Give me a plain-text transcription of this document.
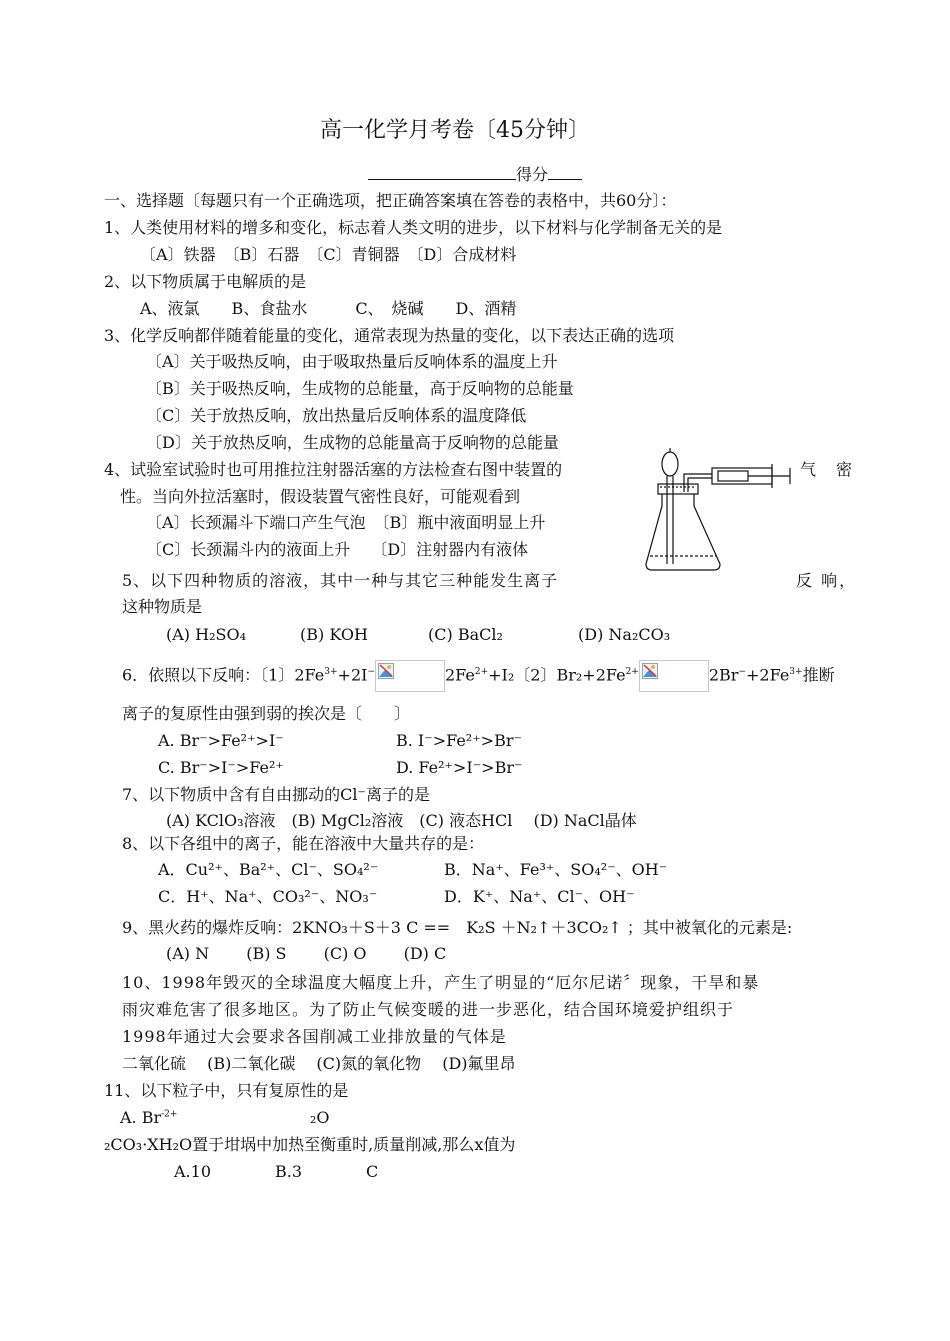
高一化学月考卷〔45分钟〕
得分
一、选择题〔每题只有一个正确选项，把正确答案填在答卷的表格中，共60分〕：
1、人类使用材料的增多和变化，标志着人类文明的进步，以下材料与化学制备无关的是
〔A〕铁器　〔B〕石器　〔C〕青铜器　〔D〕合成材料
2、以下物质属于电解质的是
A、液氯　　B、食盐水　　　C、　烧碱　　D、酒精
3、化学反响都伴随着能量的变化，通常表现为热量的变化，以下表达正确的选项
〔A〕关于吸热反响，由于吸取热量后反响体系的温度上升
〔B〕关于吸热反响，生成物的总能量，高于反响物的总能量
〔C〕关于放热反响，放出热量后反响体系的温度降低
〔D〕关于放热反响，生成物的总能量高于反响物的总能量
4、试验室试验时也可用推拉注射器活塞的方法检查右图中装置的	气　密
性。当向外拉活塞时，假设装置气密性良好，可能观看到
〔A〕长颈漏斗下端口产生气泡　〔B〕瓶中液面明显上升
〔C〕长颈漏斗内的液面上升　 〔D〕注射器内有液体
5、以下四种物质的溶液，其中一种与其它三种能发生离子	反 响，
这种物质是
(A) H₂SO₄	(B) KOH	(C) BaCl₂	(D) Na₂CO₃
6．依照以下反响：〔1〕$2Fe^{3+}+2I^-$	$2Fe^{2+}+I_2$〔2〕$Br_2+2Fe^{2+}$	$2Br^-+2Fe^{3+}$推断
离子的复原性由强到弱的挨次是〔　　〕
A. Br⁻>Fe²⁺>I⁻	B. I⁻>Fe²⁺>Br⁻
C. Br⁻>I⁻>Fe²⁺	D. Fe²⁺>I⁻>Br⁻
7、以下物质中含有自由挪动的Cl⁻离子的是
(A) KClO₃溶液　(B) MgCl₂溶液　(C) 液态HCl　 (D) NaCl晶体
8、以下各组中的离子，能在溶液中大量共存的是：
A．Cu²⁺、Ba²⁺、Cl⁻、SO₄²⁻	B．Na⁺、Fe³⁺、SO₄²⁻、OH⁻
C．H⁺、Na⁺、CO₃²⁻、NO₃⁻	D．K⁺、Na⁺、Cl⁻、OH⁻
9、黑火药的爆炸反响：2KNO₃＋S＋3 C ==　K₂S ＋N₂↑＋3CO₂↑ ；其中被氧化的元素是:
(A) N　　 (B) S　　 (C) O　　 (D) C
10、1998年毁灭的全球温度大幅度上升，产生了明显的“厄尔尼诺〞现象，干旱和暴
雨灾难危害了很多地区。为了防止气候变暖的进一步恶化，结合国环境爱护组织于
1998年通过大会要求各国削减工业排放量的气体是
二氧化硫　 (B)二氧化碳　 (C)氮的氧化物　 (D)氟里昂
11、以下粒子中，只有复原性的是
A. $Br^{-2+}$	₂O
₂CO₃·XH₂O置于坩埚中加热至衡重时,质量削减,那么x值为
A.10　　　　B.3　　　　C
